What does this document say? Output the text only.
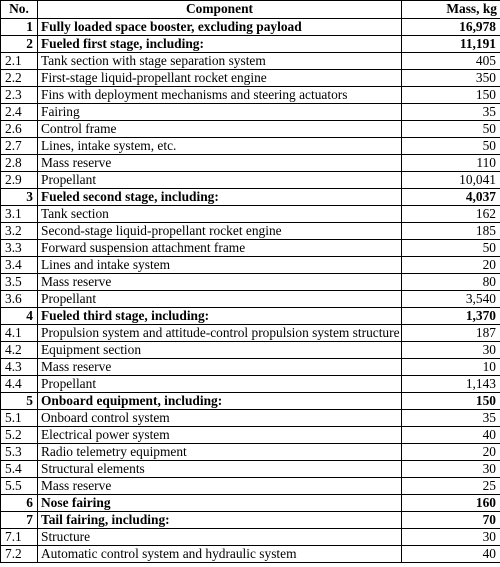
No.	Component	Mass, kg
1	Fully loaded space booster, excluding payload	16,978
2	Fueled first stage, including:	11,191
2.1	Tank section with stage separation system	405
2.2	First-stage liquid-propellant rocket engine	350
2.3	Fins with deployment mechanisms and steering actuators	150
2.4	Fairing	35
2.6	Control frame	50
2.7	Lines, intake system, etc.	50
2.8	Mass reserve	110
2.9	Propellant	10,041
3	Fueled second stage, including:	4,037
3.1	Tank section	162
3.2	Second-stage liquid-propellant rocket engine	185
3.3	Forward suspension attachment frame	50
3.4	Lines and intake system	20
3.5	Mass reserve	80
3.6	Propellant	3,540
4	Fueled third stage, including:	1,370
4.1	Propulsion system and attitude-control propulsion system structure	187
4.2	Equipment section	30
4.3	Mass reserve	10
4.4	Propellant	1,143
5	Onboard equipment, including:	150
5.1	Onboard control system	35
5.2	Electrical power system	40
5.3	Radio telemetry equipment	20
5.4	Structural elements	30
5.5	Mass reserve	25
6	Nose fairing	160
7	Tail fairing, including:	70
7.1	Structure	30
7.2	Automatic control system and hydraulic system	40
